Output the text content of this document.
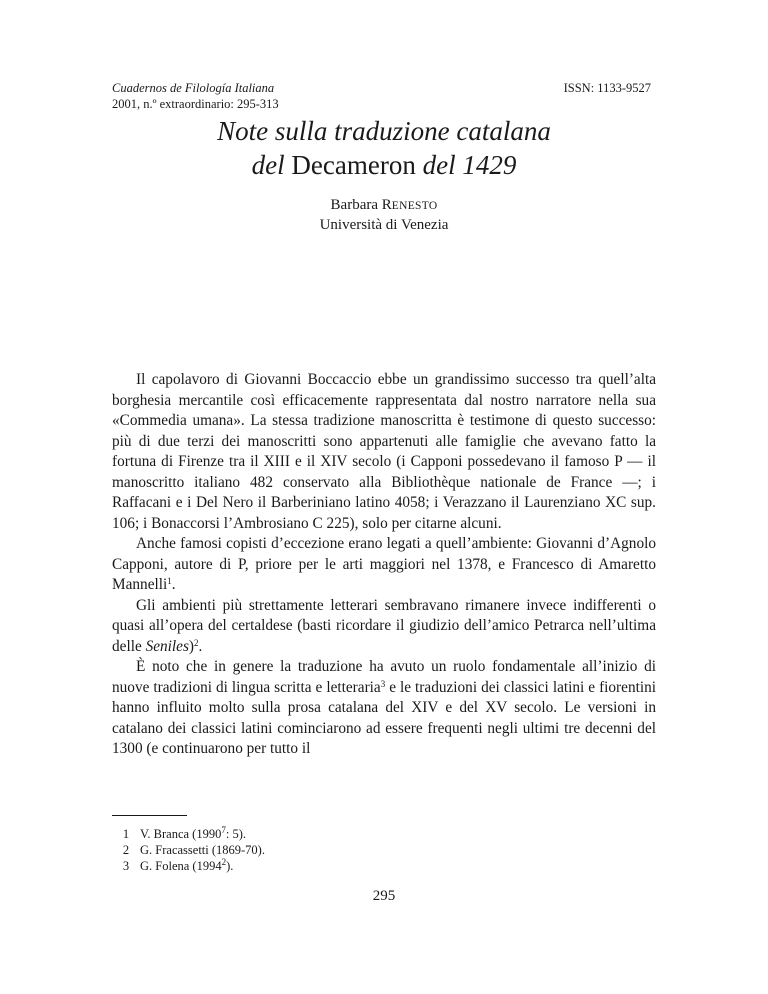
Cuadernos de Filología Italiana
2001, n.º extraordinario: 295-313
ISSN: 1133-9527
Note sulla traduzione catalana
del Decameron del 1429
Barbara RENESTO
Università di Venezia

Il capolavoro di Giovanni Boccaccio ebbe un grandissimo successo tra quell’alta borghesia mercantile così efficacemente rappresentata dal nostro narratore nella sua «Commedia umana». La stessa tradizione manoscritta è testimone di questo successo: più di due terzi dei manoscritti sono appartenuti alle famiglie che avevano fatto la fortuna di Firenze tra il XIII e il XIV secolo (i Capponi possedevano il famoso P — il manoscritto italiano 482 conservato alla Bibliothèque nationale de France —; i Raffacani e i Del Nero il Barberiniano latino 4058; i Verazzano il Laurenziano XC sup. 106; i Bonaccorsi l’Ambrosiano C 225), solo per citarne alcuni.

Anche famosi copisti d’eccezione erano legati a quell’ambiente: Giovanni d’Agnolo Capponi, autore di P, priore per le arti maggiori nel 1378, e Francesco di Amaretto Mannelli$^1$.

Gli ambienti più strettamente letterari sembravano rimanere invece indifferenti o quasi all’opera del certaldese (basti ricordare il giudizio dell’amico Petrarca nell’ultima delle Seniles)$^2$.

È noto che in genere la traduzione ha avuto un ruolo fondamentale all’inizio di nuove tradizioni di lingua scritta e letteraria$^3$ e le traduzioni dei classici latini e fiorentini hanno influito molto sulla prosa catalana del XIV e del XV secolo. Le versioni in catalano dei classici latini cominciarono ad essere frequenti negli ultimi tre decenni del 1300 (e continuarono per tutto il

1 V. Branca (1990$^7$: 5).
2 G. Fracassetti (1869-70).
3 G. Folena (1994$^2$).
295
